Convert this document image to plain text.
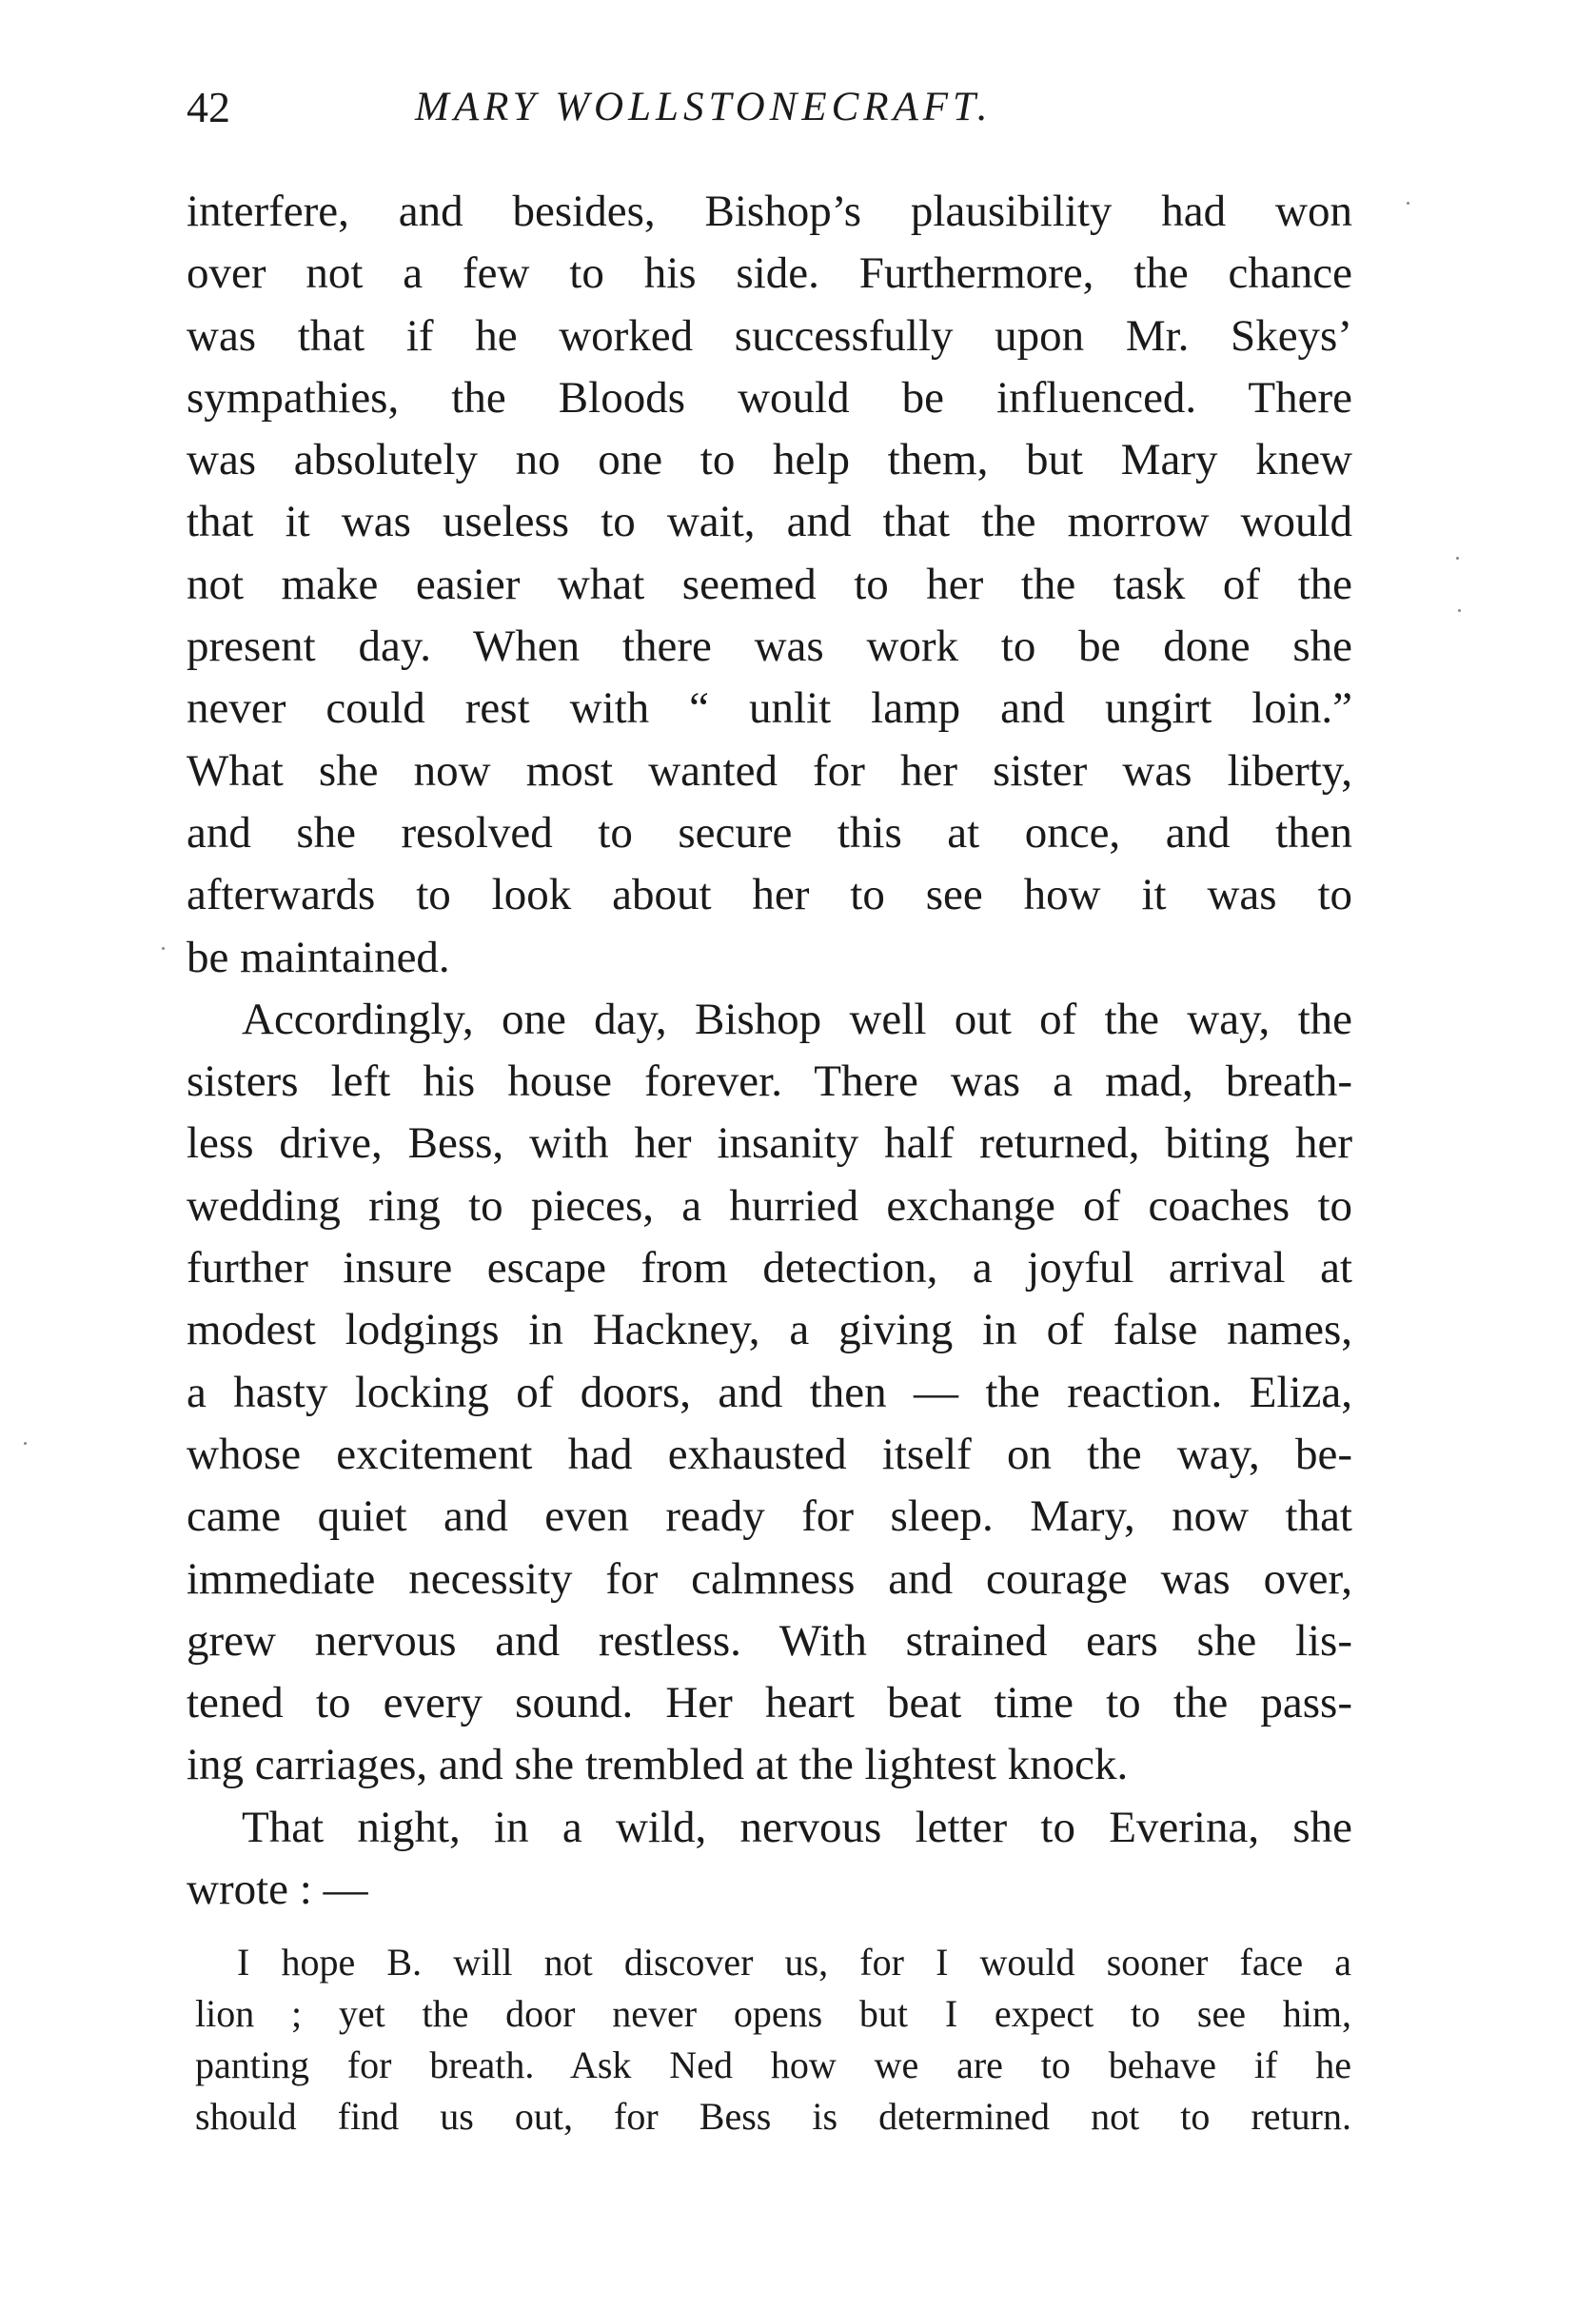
42	MARY WOLLSTONECRAFT.
interfere, and besides, Bishop’s plausibility had won
over not a few to his side. Furthermore, the chance
was that if he worked successfully upon Mr. Skeys’
sympathies, the Bloods would be influenced. There
was absolutely no one to help them, but Mary knew
that it was useless to wait, and that the morrow would
not make easier what seemed to her the task of the
present day. When there was work to be done she
never could rest with “ unlit lamp and ungirt loin.”
What she now most wanted for her sister was liberty,
and she resolved to secure this at once, and then
afterwards to look about her to see how it was to
be maintained.
Accordingly, one day, Bishop well out of the way, the
sisters left his house forever. There was a mad, breath-
less drive, Bess, with her insanity half returned, biting her
wedding ring to pieces, a hurried exchange of coaches to
further insure escape from detection, a joyful arrival at
modest lodgings in Hackney, a giving in of false names,
a hasty locking of doors, and then — the reaction. Eliza,
whose excitement had exhausted itself on the way, be-
came quiet and even ready for sleep. Mary, now that
immediate necessity for calmness and courage was over,
grew nervous and restless. With strained ears she lis-
tened to every sound. Her heart beat time to the pass-
ing carriages, and she trembled at the lightest knock.
That night, in a wild, nervous letter to Everina, she
wrote : —
I hope B. will not discover us, for I would sooner face a
lion ; yet the door never opens but I expect to see him,
panting for breath. Ask Ned how we are to behave if he
should find us out, for Bess is determined not to return.
